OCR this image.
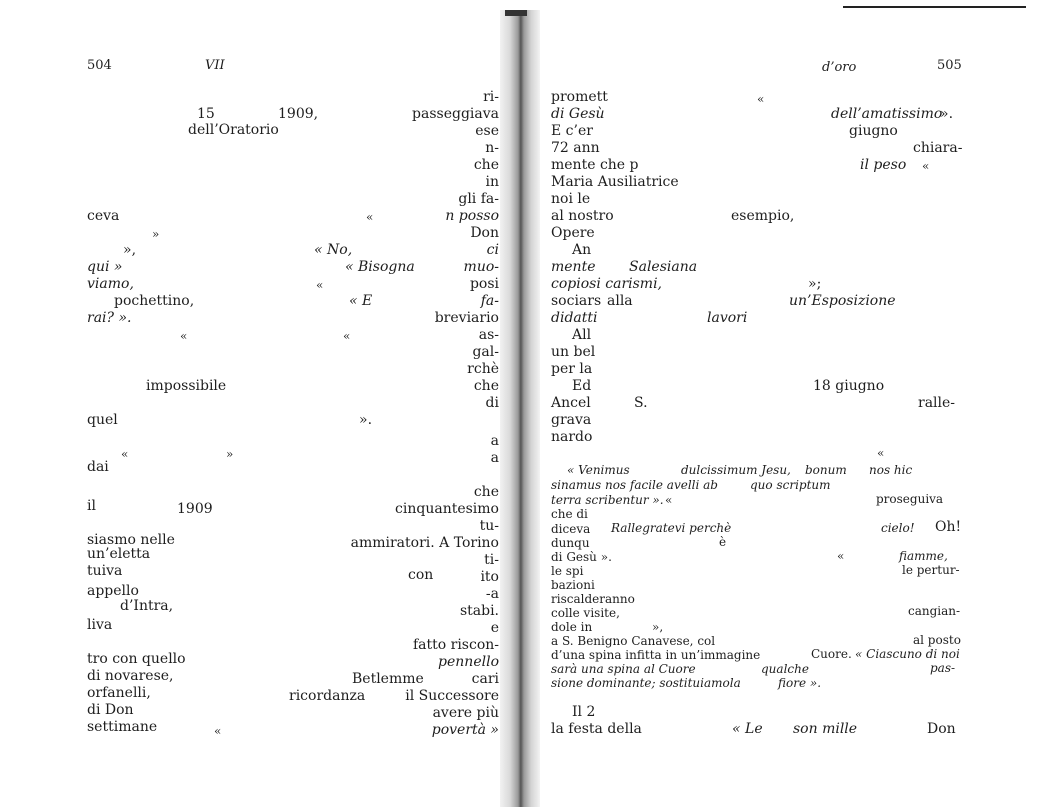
504	VII
ri-
15	1909,	passeggiava
dell’Oratorio	ese
n-
che
in
gli fa-
ceva	«	n posso
»	Don
»,	« No,	ci
qui »	« Bisogna	muo-
viamo,	«	posi
pochettino,	« E	fa-
rai? ».	breviario
«	«	as-
gal-
rchè
impossibile	che
di
quel	».
a
«	»	a
dai
che
il	1909	cinquantesimo
tu-
siasmo nelle	ammiratori. A Torino
un’eletta	ti-
tuiva	con	ito
appello	-a
d’Intra,	stabi.
e
liva
fatto riscon-
tro con quello	pennello
di novarese,	Betlemme	cari
orfanelli,	ricordanza	il Successore
di Don	avere più
settimane	«	povertà »
d’oro	505
promett	«
di Gesù	dell’amatissimo
».
E c’er	giugno
72 ann	chiara-
mente che p	il peso «
Maria Ausiliatrice
noi le
al nostro	esempio,
Opere
An
mente Salesiana
copiosi carismi,	»;
sociars alla	un’Esposizione
didatti	lavori
All
un bel
per la
Ed	18 giugno
Ancel	S.	ralle-
grava
nardo
«
« Venimus	dulcissimum Jesu, bonum nos hic
sinamus nos facile avelli ab	quo scriptum
terra scribentur ». «	proseguiva
che di
diceva Rallegratevi perchè	cielo! Oh!
dunqu	è
di Gesù ».	«	fiamme,
le spi	le pertur-
bazioni
riscalderanno
colle visite,	cangian-
dole in	»,
a S. Benigno Canavese, col	al posto
d’una spina infitta in un’immagine	Cuore. « Ciascuno di noi
sarà una spina al Cuore	qualche	pas-
sione dominante; sostituiamola	fiore ».
Il 2
la festa della	« Le son mille	Don
